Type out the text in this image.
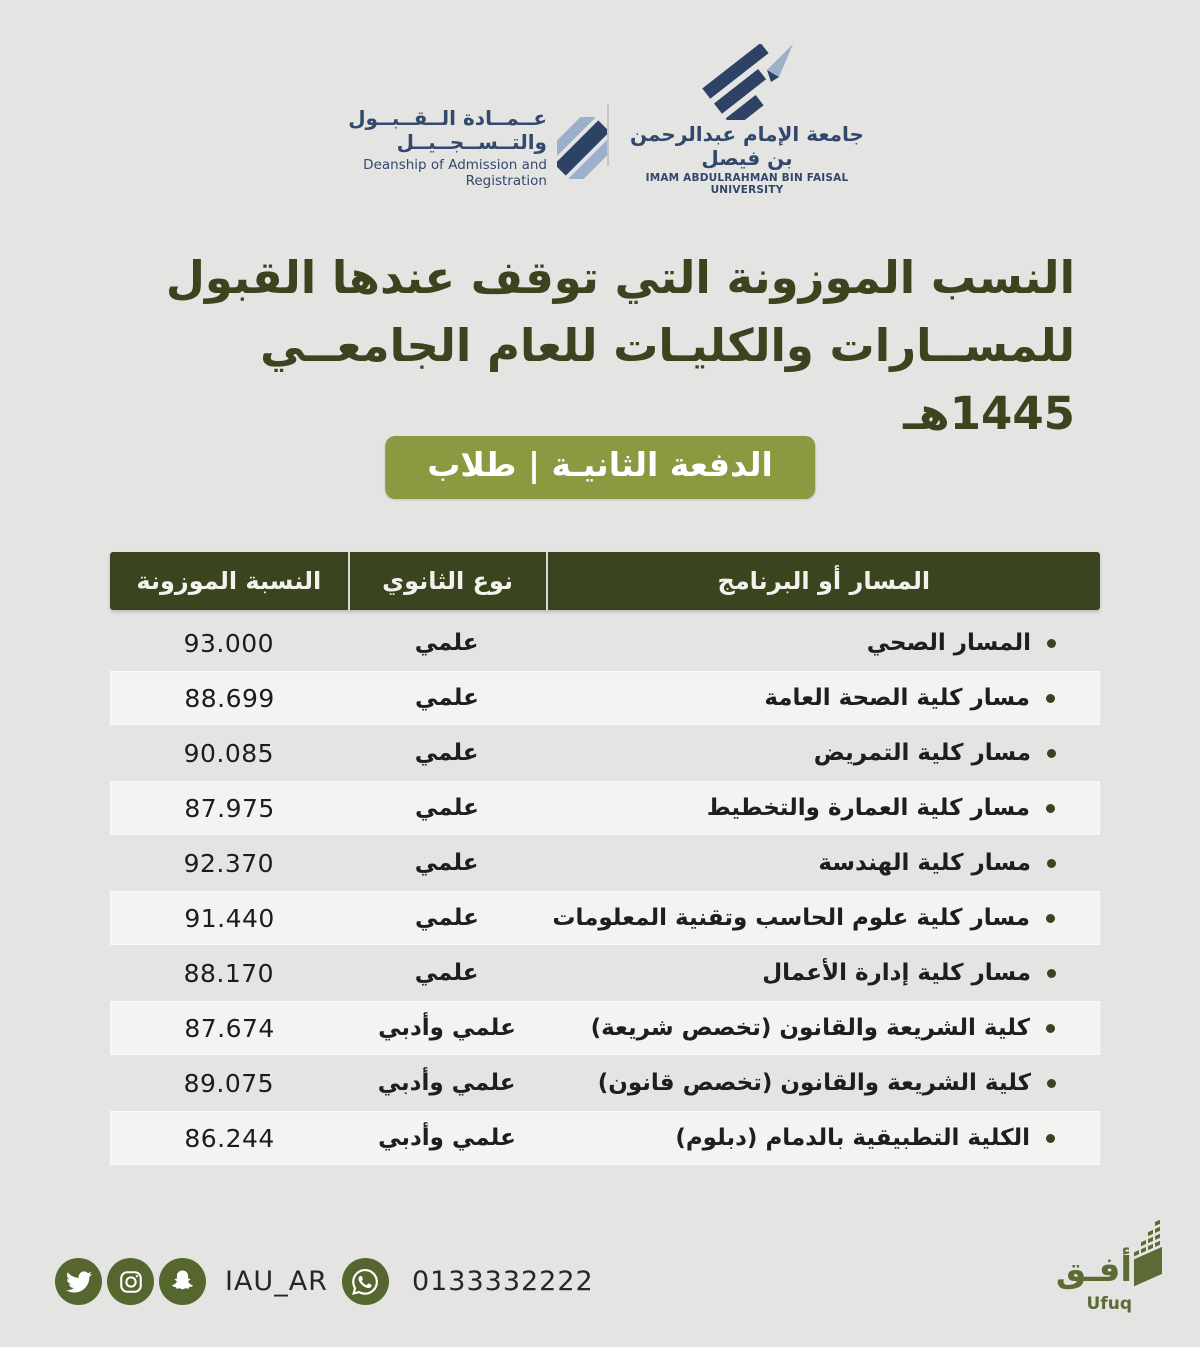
عــمــادة الــقــبــول والتــســجــيــل
Deanship of Admission and Registration
جامعة الإمام عبدالرحمن بن فيصل
IMAM ABDULRAHMAN BIN FAISAL UNIVERSITY
النسب الموزونة التي توقف عندها القبول
للمســارات والكليـات للعام الجامعــي 1445هـ
الدفعة الثانيـة | طلاب
المسار أو البرنامج
نوع الثانوي
النسبة الموزونة
المسار الصحي
علمي
93.000
مسار كلية الصحة العامة
علمي
88.699
مسار كلية التمريض
علمي
90.085
مسار كلية العمارة والتخطيط
علمي
87.975
مسار كلية الهندسة
علمي
92.370
مسار كلية علوم الحاسب وتقنية المعلومات
علمي
91.440
مسار كلية إدارة الأعمال
علمي
88.170
كلية الشريعة والقانون (تخصص شريعة)
علمي وأدبي
87.674
كلية الشريعة والقانون (تخصص قانون)
علمي وأدبي
89.075
الكلية التطبيقية بالدمام (دبلوم)
علمي وأدبي
86.244
IAU_AR	0133332222	أفـق
Ufuq
